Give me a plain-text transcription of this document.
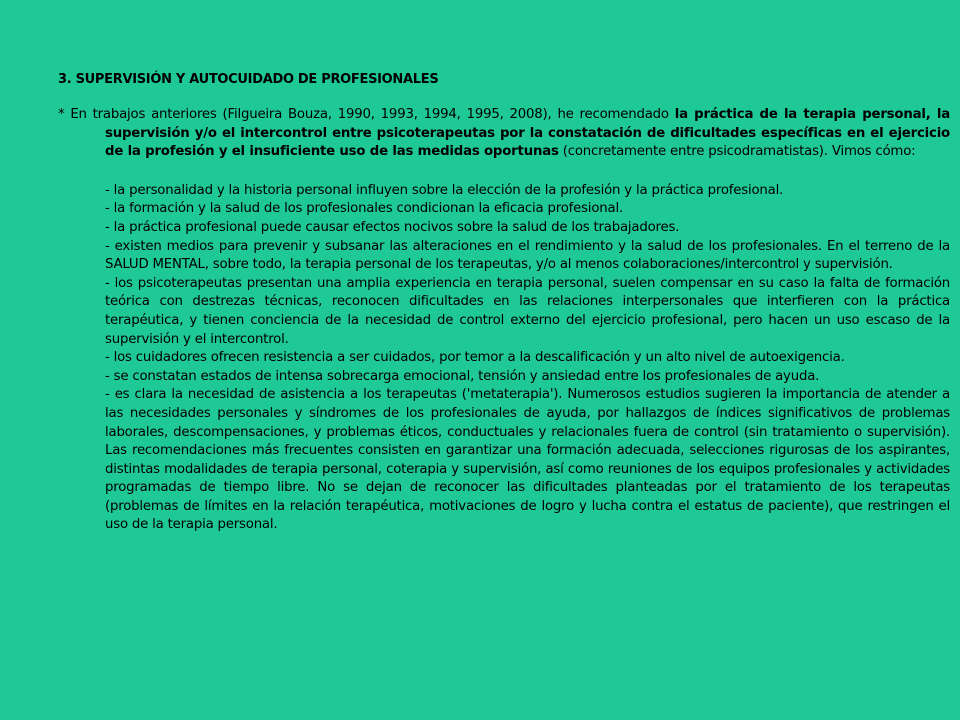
3. SUPERVISIÓN Y AUTOCUIDADO DE PROFESIONALES

* En trabajos anteriores (Filgueira Bouza, 1990, 1993, 1994, 1995, 2008), he recomendado la práctica de la terapia personal, la supervisión y/o el intercontrol entre psicoterapeutas por la constatación de dificultades específicas en el ejercicio de la profesión y el insuficiente uso de las medidas oportunas (concretamente entre psicodramatistas). Vimos cómo:

- la personalidad y la historia personal influyen sobre la elección de la profesión y la práctica profesional.
- la formación y la salud de los profesionales condicionan la eficacia profesional.
- la práctica profesional puede causar efectos nocivos sobre la salud de los trabajadores.
- existen medios para prevenir y subsanar las alteraciones en el rendimiento y la salud de los profesionales. En el terreno de la SALUD MENTAL, sobre todo, la terapia personal de los terapeutas, y/o al menos colaboraciones/intercontrol y supervisión.
- los psicoterapeutas presentan una amplia experiencia en terapia personal, suelen compensar en su caso la falta de formación teórica con destrezas técnicas, reconocen dificultades en las relaciones interpersonales que interfieren con la práctica terapéutica, y tienen conciencia de la necesidad de control externo del ejercicio profesional, pero hacen un uso escaso de la supervisión y el intercontrol.
- los cuidadores ofrecen resistencia a ser cuidados, por temor a la descalificación y un alto nivel de autoexigencia.
- se constatan estados de intensa sobrecarga emocional, tensión y ansiedad entre los profesionales de ayuda.
- es clara la necesidad de asistencia a los terapeutas ('metaterapia'). Numerosos estudios sugieren la importancia de atender a las necesidades personales y síndromes de los profesionales de ayuda, por hallazgos de índices significativos de problemas laborales, descompensaciones, y problemas éticos, conductuales y relacionales fuera de control (sin tratamiento o supervisión). Las recomendaciones más frecuentes consisten en garantizar una formación adecuada, selecciones rigurosas de los aspirantes, distintas modalidades de terapia personal, coterapia y supervisión, así como reuniones de los equipos profesionales y actividades programadas de tiempo libre. No se dejan de reconocer las dificultades planteadas por el tratamiento de los terapeutas (problemas de límites en la relación terapéutica, motivaciones de logro y lucha contra el estatus de paciente), que restringen el uso de la terapia personal.
